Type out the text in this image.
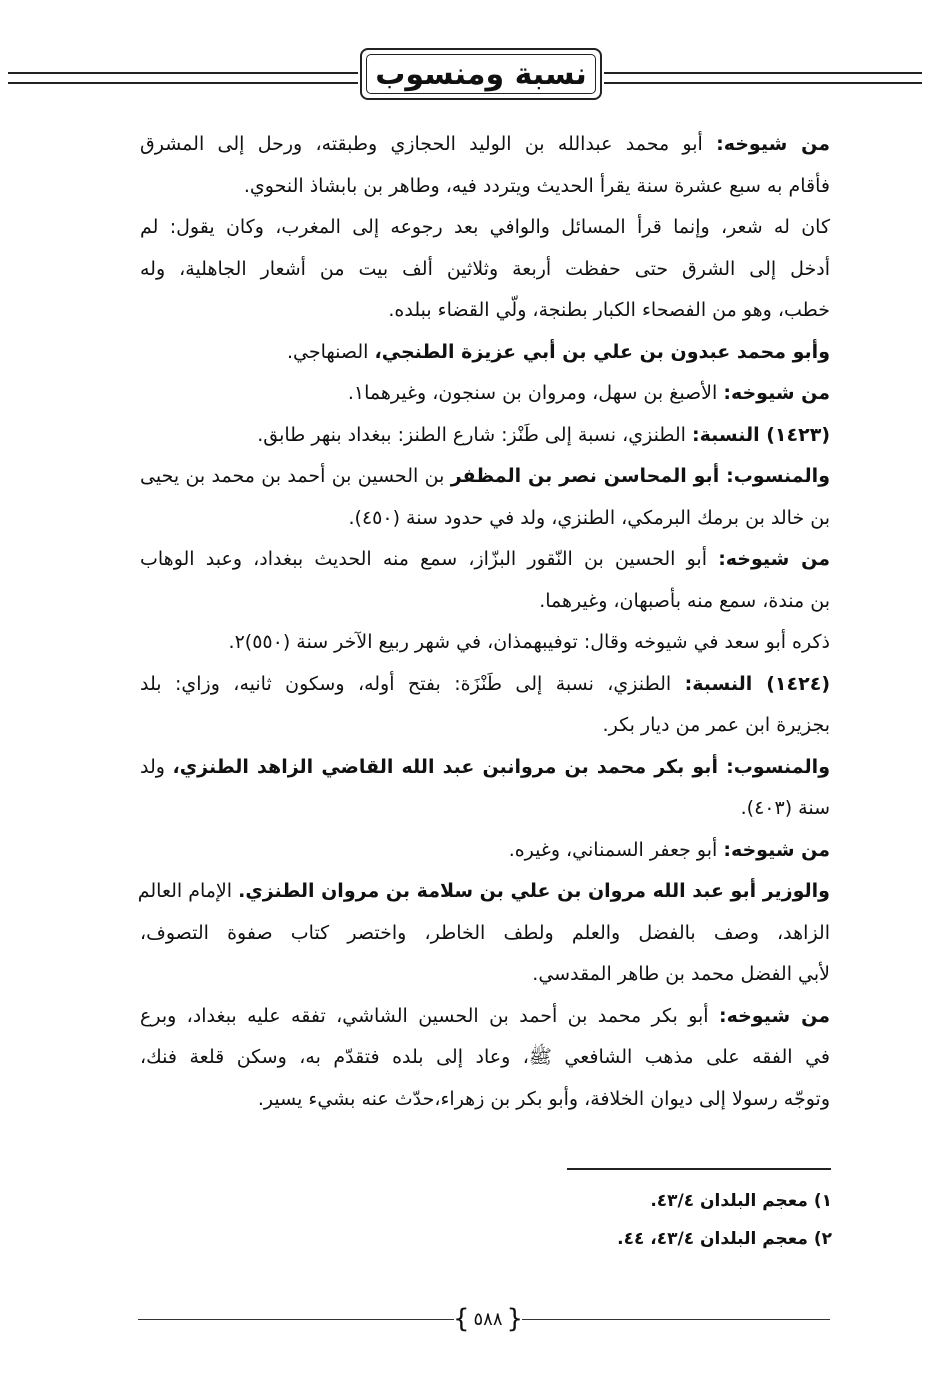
نسبة ومنسوب
من شيوخه: أبو محمد عبدالله بن الوليد الحجازي وطبقته، ورحل إلى المشرق
فأقام به سبع عشرة سنة يقرأ الحديث ويتردد فيه، وطاهر بن بابشاذ النحوي.
كان له شعر، وإنما قرأ المسائل والوافي بعد رجوعه إلى المغرب، وكان يقول: لم
أدخل إلى الشرق حتى حفظت أربعة وثلاثين ألف بيت من أشعار الجاهلية، وله
خطب، وهو من الفصحاء الكبار بطنجة، ولّي القضاء ببلده.
وأبو محمد عبدون بن علي بن أبي عزيزة الطنجي، الصنهاجي.
من شيوخه: الأصبغ بن سهل، ومروان بن سنجون، وغيرهما١.
(١٤٢٣) النسبة: الطنزي، نسبة إلى طَنْز: شارع الطنز: ببغداد بنهر طابق.
والمنسوب: أبو المحاسن نصر بن المظفر بن الحسين بن أحمد بن محمد بن يحيى
بن خالد بن برمك البرمكي، الطنزي، ولد في حدود سنة (٤٥٠).
من شيوخه: أبو الحسين بن النّقور البزّاز، سمع منه الحديث ببغداد، وعبد الوهاب
بن مندة، سمع منه بأصبهان، وغيرهما.
ذكره أبو سعد في شيوخه وقال: توفيبهمذان، في شهر ربيع الآخر سنة (٥٥٠)٢.
(١٤٢٤) النسبة: الطنزي، نسبة إلى طَنْزَة: بفتح أوله، وسكون ثانيه، وزاي: بلد
بجزيرة ابن عمر من ديار بكر.
والمنسوب: أبو بكر محمد بن مروانبن عبد الله القاضي الزاهد الطنزي، ولد
سنة (٤٠٣).
من شيوخه: أبو جعفر السمناني، وغيره.
والوزير أبو عبد الله مروان بن علي بن سلامة بن مروان الطنزي. الإمام العالم
الزاهد، وصف بالفضل والعلم ولطف الخاطر، واختصر كتاب صفوة التصوف،
لأبي الفضل محمد بن طاهر المقدسي.
من شيوخه: أبو بكر محمد بن أحمد بن الحسين الشاشي، تفقه عليه ببغداد، وبرع
في الفقه على مذهب الشافعي ﷺ، وعاد إلى بلده فتقدّم به، وسكن قلعة فنك،
وتوجّه رسولا إلى ديوان الخلافة، وأبو بكر بن زهراء،حدّث عنه بشيء يسير.
١) معجم البلدان ٤٣/٤.
٢) معجم البلدان ٤٣/٤، ٤٤.
{ ٥٨٨
}
